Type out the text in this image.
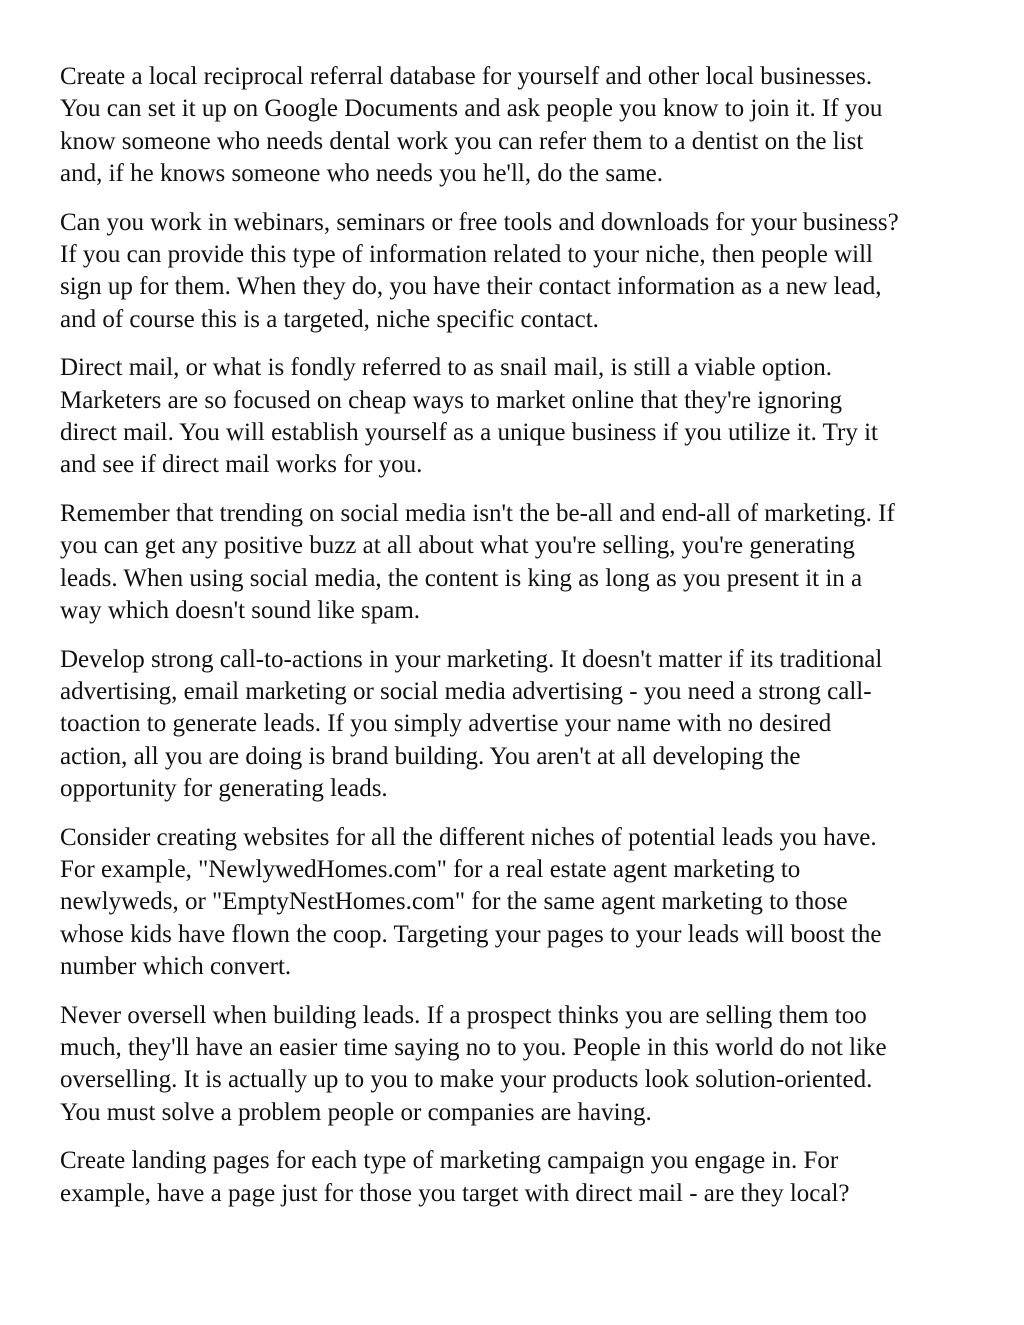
Create a local reciprocal referral database for yourself and other local businesses.
You can set it up on Google Documents and ask people you know to join it. If you
know someone who needs dental work you can refer them to a dentist on the list
and, if he knows someone who needs you he'll, do the same.

Can you work in webinars, seminars or free tools and downloads for your business?
If you can provide this type of information related to your niche, then people will
sign up for them. When they do, you have their contact information as a new lead,
and of course this is a targeted, niche specific contact.

Direct mail, or what is fondly referred to as snail mail, is still a viable option.
Marketers are so focused on cheap ways to market online that they're ignoring
direct mail. You will establish yourself as a unique business if you utilize it. Try it
and see if direct mail works for you.

Remember that trending on social media isn't the be-all and end-all of marketing. If
you can get any positive buzz at all about what you're selling, you're generating
leads. When using social media, the content is king as long as you present it in a
way which doesn't sound like spam.

Develop strong call-to-actions in your marketing. It doesn't matter if its traditional
advertising, email marketing or social media advertising - you need a strong call-
toaction to generate leads. If you simply advertise your name with no desired
action, all you are doing is brand building. You aren't at all developing the
opportunity for generating leads.

Consider creating websites for all the different niches of potential leads you have.
For example, "NewlywedHomes.com" for a real estate agent marketing to
newlyweds, or "EmptyNestHomes.com" for the same agent marketing to those
whose kids have flown the coop. Targeting your pages to your leads will boost the
number which convert.

Never oversell when building leads. If a prospect thinks you are selling them too
much, they'll have an easier time saying no to you. People in this world do not like
overselling. It is actually up to you to make your products look solution-oriented.
You must solve a problem people or companies are having.

Create landing pages for each type of marketing campaign you engage in. For
example, have a page just for those you target with direct mail - are they local?
